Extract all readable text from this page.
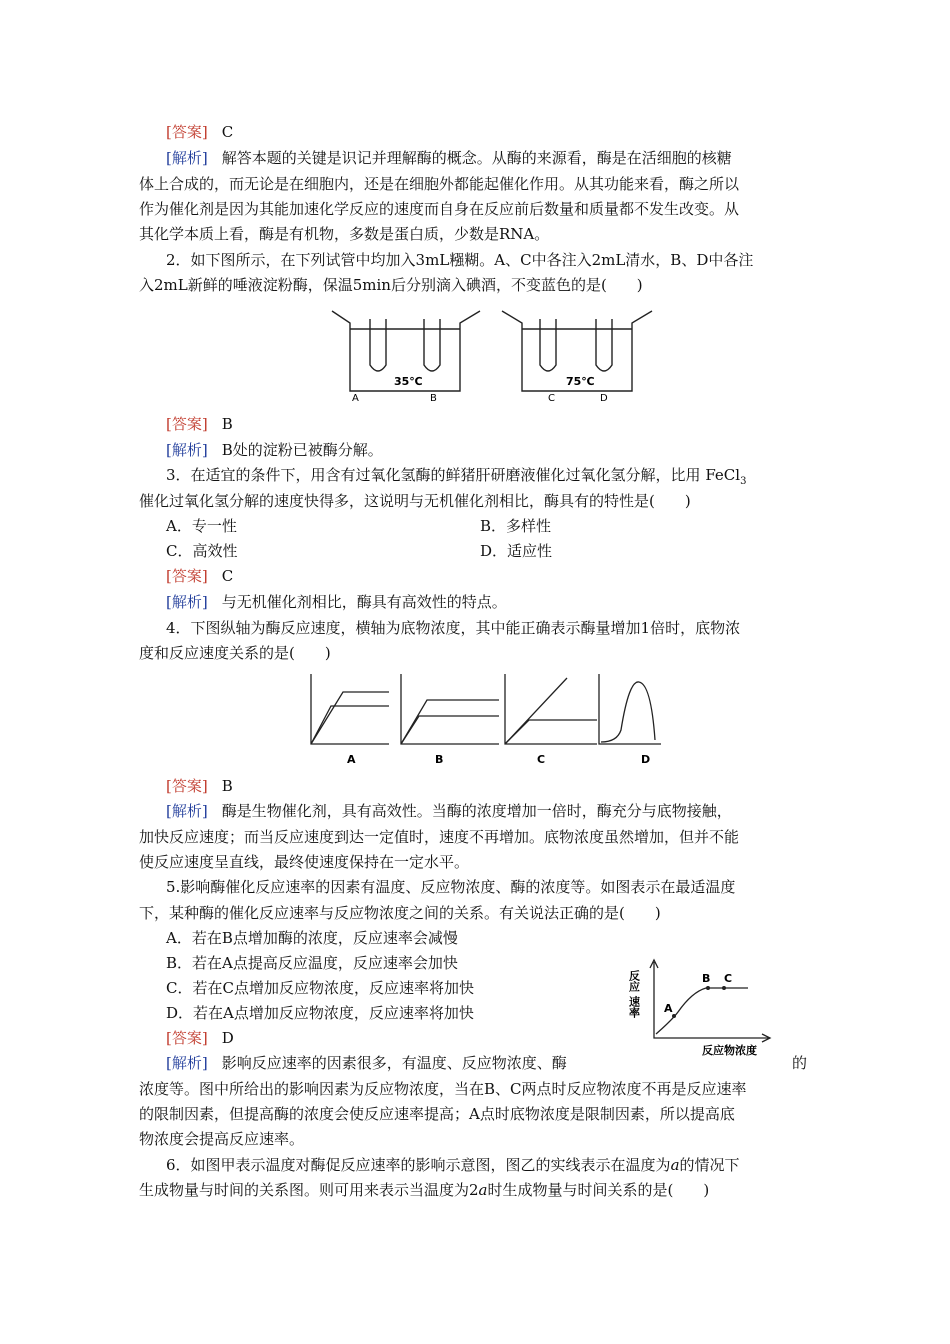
[答案] C
[解析] 解答本题的关键是识记并理解酶的概念。从酶的来源看，酶是在活细胞的核糖
体上合成的，而无论是在细胞内，还是在细胞外都能起催化作用。从其功能来看，酶之所以
作为催化剂是因为其能加速化学反应的速度而自身在反应前后数量和质量都不发生改变。从
其化学本质上看，酶是有机物，多数是蛋白质，少数是RNA。
2．如下图所示，在下列试管中均加入3mL糨糊。A、C中各注入2mL清水，B、D中各注
入2mL新鲜的唾液淀粉酶，保温5min后分别滴入碘酒，不变蓝色的是(　　)
35℃	75℃
A	B	C	D
[答案] B
[解析] B处的淀粉已被酶分解。
3．在适宜的条件下，用含有过氧化氢酶的鲜猪肝研磨液催化过氧化氢分解，比用 FeCl$_3$
催化过氧化氢分解的速度快得多，这说明与无机催化剂相比，酶具有的特性是(　　)
A．专一性	B．多样性
C．高效性	D．适应性
[答案] C
[解析] 与无机催化剂相比，酶具有高效性的特点。
4．下图纵轴为酶反应速度，横轴为底物浓度，其中能正确表示酶量增加1倍时，底物浓
度和反应速度关系的是(　　)
A	B	C	D
[答案] B
[解析] 酶是生物催化剂，具有高效性。当酶的浓度增加一倍时，酶充分与底物接触，
加快反应速度；而当反应速度到达一定值时，速度不再增加。底物浓度虽然增加，但并不能
使反应速度呈直线，最终使速度保持在一定水平。
5.影响酶催化反应速率的因素有温度、反应物浓度、酶的浓度等。如图表示在最适温度
下，某种酶的催化反应速率与反应物浓度之间的关系。有关说法正确的是(　　)
A．若在B点增加酶的浓度，反应速率会减慢
B．若在A点提高反应温度，反应速率会加快
C．若在C点增加反应物浓度，反应速率将加快
D．若在A点增加反应物浓度，反应速率将加快
[答案] D
反应
速率 A
B C
反应物浓度
[解析] 影响反应速率的因素很多，有温度、反应物浓度、酶	的
浓度等。图中所给出的影响因素为反应物浓度，当在B、C两点时反应物浓度不再是反应速率
的限制因素，但提高酶的浓度会使反应速率提高；A点时底物浓度是限制因素，所以提高底
物浓度会提高反应速率。
6．如图甲表示温度对酶促反应速率的影响示意图，图乙的实线表示在温度为a的情况下
生成物量与时间的关系图。则可用来表示当温度为2a时生成物量与时间关系的是(　　)
